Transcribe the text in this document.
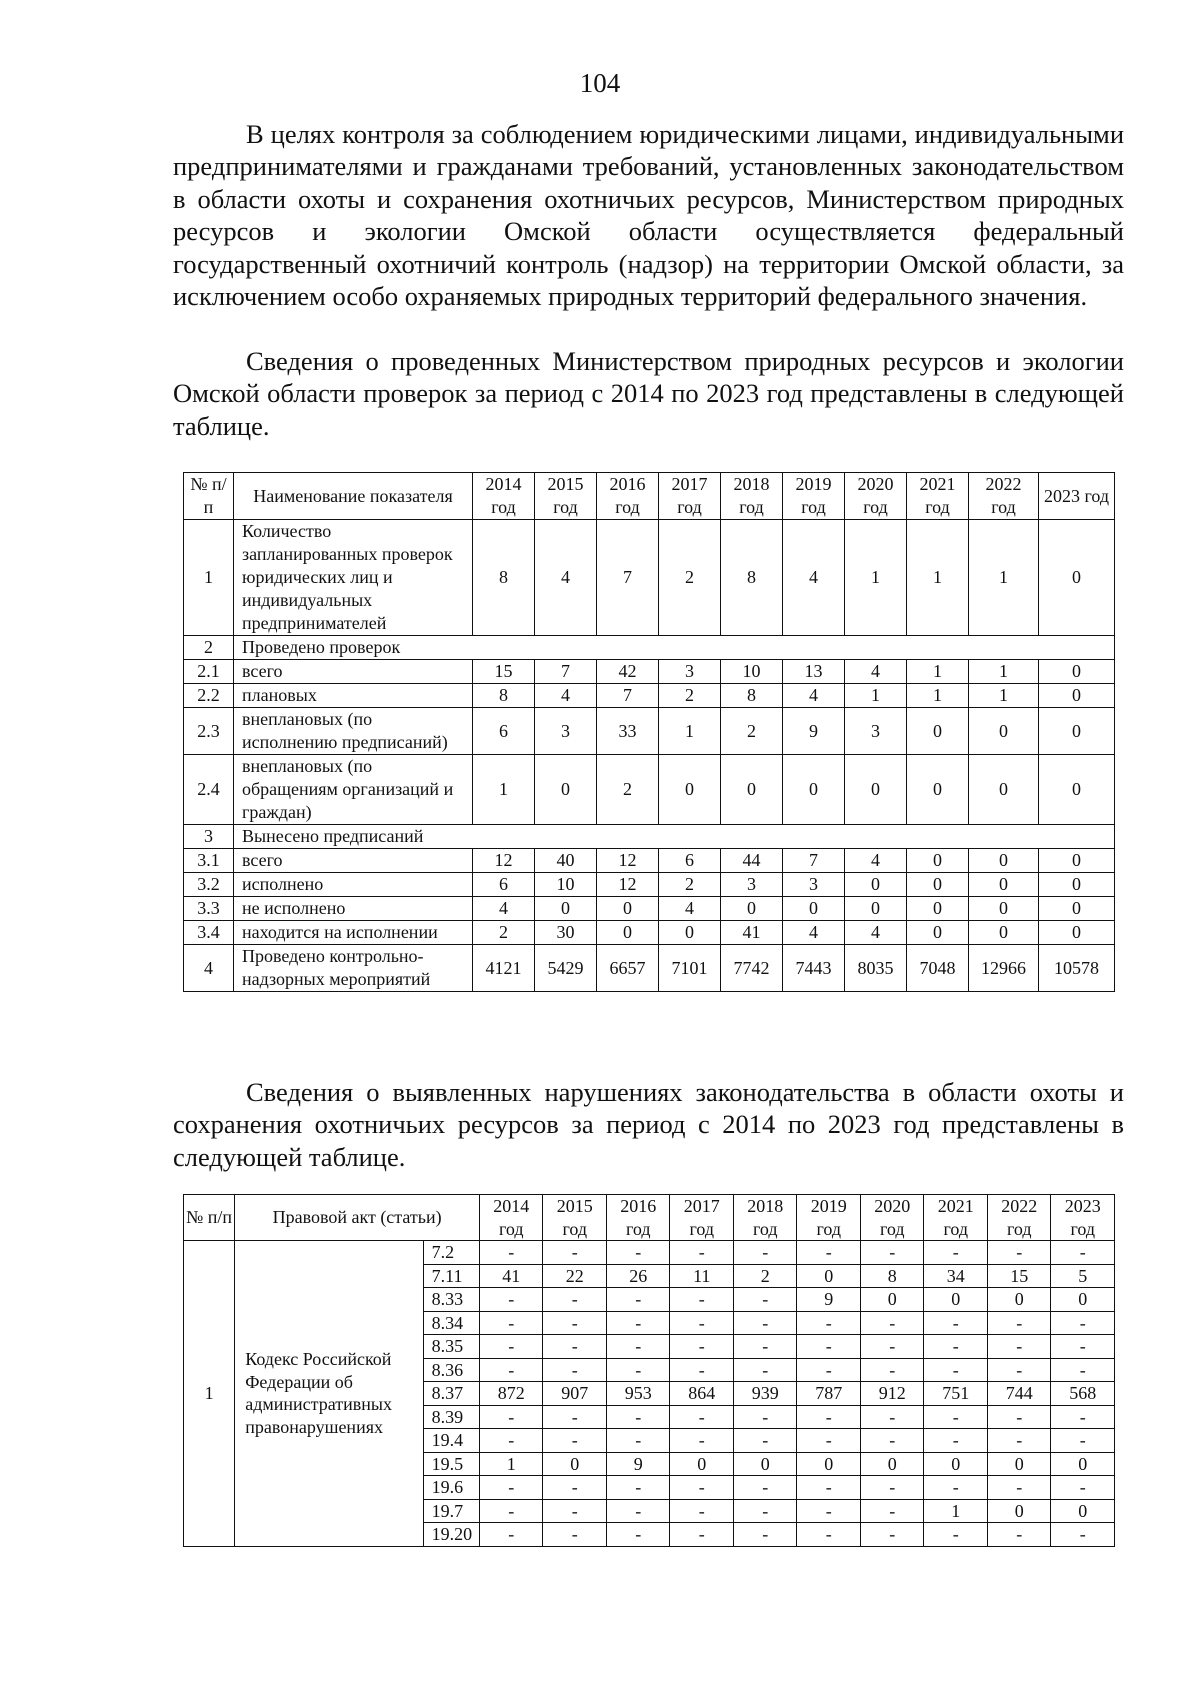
104

В целях контроля за соблюдением юридическими лицами, индивидуальными предпринимателями и гражданами требований, установленных законодательством в области охоты и сохранения охотничьих ресурсов, Министерством природных ресурсов и экологии Омской области осуществляется федеральный государственный охотничий контроль (надзор) на территории Омской области, за исключением особо охраняемых природных территорий федерального значения.

Сведения о проведенных Министерством природных ресурсов и экологии Омской области проверок за период с 2014 по 2023 год представлены в следующей таблице.

№ п/п	Наименование показателя	2014 год	2015 год	2016 год	2017 год	2018 год	2019 год	2020 год	2021 год	2022 год	2023 год
1	Количество запланированных проверок юридических лиц и индивидуальных предпринимателей	8	4	7	2	8	4	1	1	1	0
2	Проведено проверок										
2.1	всего	15	7	42	3	10	13	4	1	1	0
2.2	плановых	8	4	7	2	8	4	1	1	1	0
2.3	внеплановых (по исполнению предписаний)	6	3	33	1	2	9	3	0	0	0
2.4	внеплановых (по обращениям организаций и граждан)	1	0	2	0	0	0	0	0	0	0
3	Вынесено предписаний										
3.1	всего	12	40	12	6	44	7	4	0	0	0
3.2	исполнено	6	10	12	2	3	3	0	0	0	0
3.3	не исполнено	4	0	0	4	0	0	0	0	0	0
3.4	находится на исполнении	2	30	0	0	41	4	4	0	0	0
4	Проведено контрольно-надзорных мероприятий	4121	5429	6657	7101	7742	7443	8035	7048	12966	10578

Сведения о выявленных нарушениях законодательства в области охоты и сохранения охотничьих ресурсов за период с 2014 по 2023 год представлены в следующей таблице.

№ п/п	Правовой акт (статьи)		2014 год	2015 год	2016 год	2017 год	2018 год	2019 год	2020 год	2021 год	2022 год	2023 год
1	Кодекс Российской Федерации об административных правонарушениях	7.2	-	-	-	-	-	-	-	-	-	-
		7.11	41	22	26	11	2	0	8	34	15	5
		8.33	-	-	-	-	-	9	0	0	0	0
		8.34	-	-	-	-	-	-	-	-	-	-
		8.35	-	-	-	-	-	-	-	-	-	-
		8.36	-	-	-	-	-	-	-	-	-	-
		8.37	872	907	953	864	939	787	912	751	744	568
		8.39	-	-	-	-	-	-	-	-	-	-
		19.4	-	-	-	-	-	-	-	-	-	-
		19.5	1	0	9	0	0	0	0	0	0	0
		19.6	-	-	-	-	-	-	-	-	-	-
		19.7	-	-	-	-	-	-	-	1	0	0
		19.20	-	-	-	-	-	-	-	-	-	-
